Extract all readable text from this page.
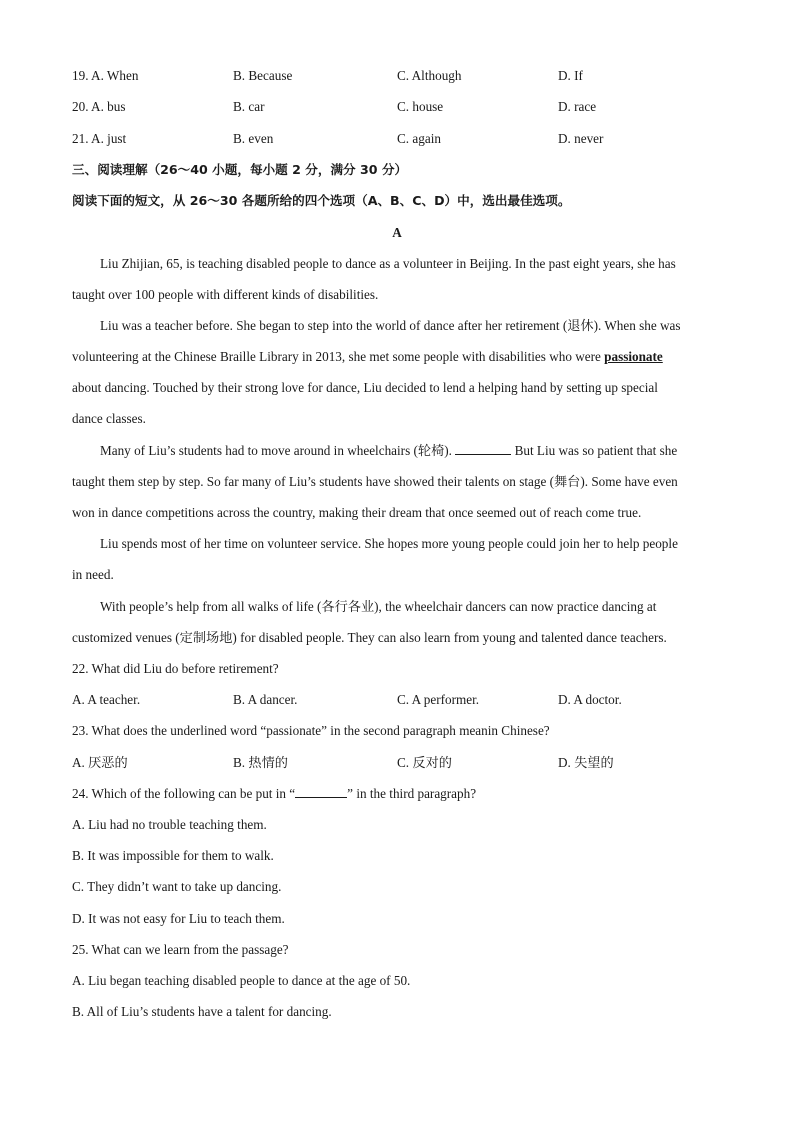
19. A. When	B. Because	C. Although	D. If
20. A. bus	B. car	C. house	D. race
21. A. just	B. even	C. again	D. never
三、阅读理解（26～40 小题，每小题 2 分，满分 30 分）
阅读下面的短文，从 26～30 各题所给的四个选项（A、B、C、D）中，选出最佳选项。
A
Liu Zhijian, 65, is teaching disabled people to dance as a volunteer in Beijing. In the past eight years, she has
taught over 100 people with different kinds of disabilities.
Liu was a teacher before. She began to step into the world of dance after her retirement (退休). When she was
volunteering at the Chinese Braille Library in 2013, she met some people with disabilities who were passionate
about dancing. Touched by their strong love for dance, Liu decided to lend a helping hand by setting up special
dance classes.
Many of Liu’s students had to move around in wheelchairs (轮椅).	But Liu was so patient that she
taught them step by step. So far many of Liu’s students have showed their talents on stage (舞台). Some have even
won in dance competitions across the country, making their dream that once seemed out of reach come true.
Liu spends most of her time on volunteer service. She hopes more young people could join her to help people
in need.
With people’s help from all walks of life (各行各业), the wheelchair dancers can now practice dancing at
customized venues (定制场地) for disabled people. They can also learn from young and talented dance teachers.
22. What did Liu do before retirement?
A. A teacher.	B. A dancer.	C. A performer.	D. A doctor.
23. What does the underlined word “passionate” in the second paragraph meanin Chinese?
A. 厌恶的	B. 热情的	C. 反对的	D. 失望的
24. Which of the following can be put in “	” in the third paragraph?
A. Liu had no trouble teaching them.
B. It was impossible for them to walk.
C. They didn’t want to take up dancing.
D. It was not easy for Liu to teach them.
25. What can we learn from the passage?
A. Liu began teaching disabled people to dance at the age of 50.
B. All of Liu’s students have a talent for dancing.
